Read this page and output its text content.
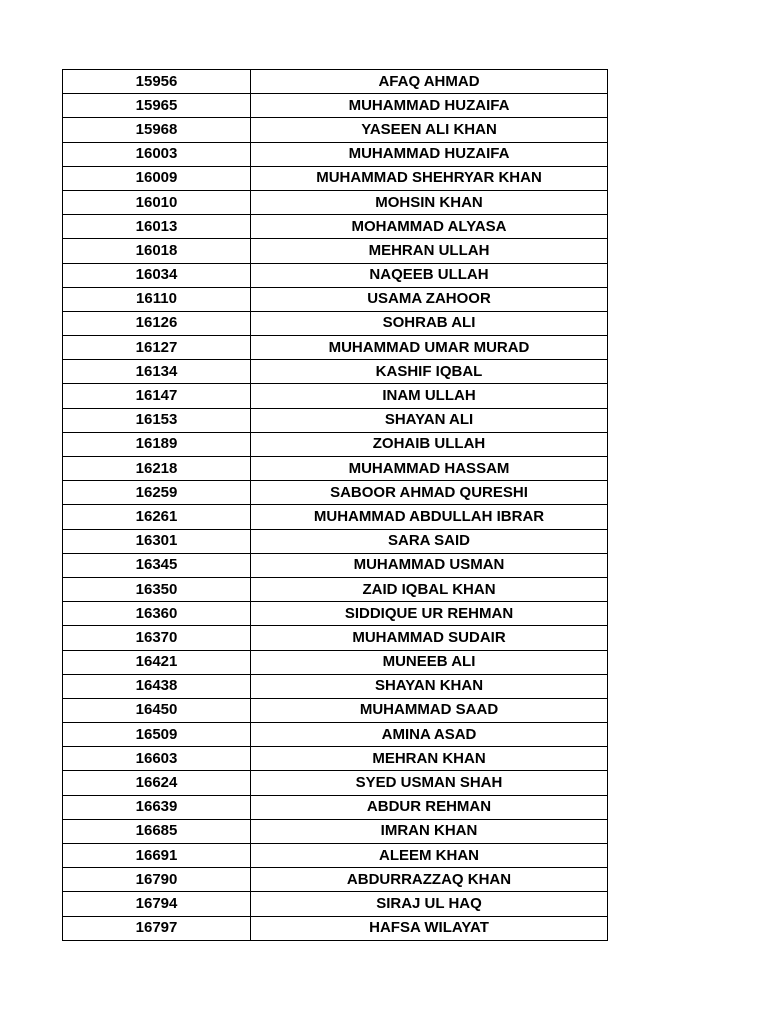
15956	AFAQ AHMAD
15965	MUHAMMAD HUZAIFA
15968	YASEEN ALI KHAN
16003	MUHAMMAD HUZAIFA
16009	MUHAMMAD SHEHRYAR KHAN
16010	MOHSIN KHAN
16013	MOHAMMAD ALYASA
16018	MEHRAN ULLAH
16034	NAQEEB ULLAH
16110	USAMA ZAHOOR
16126	SOHRAB ALI
16127	MUHAMMAD UMAR MURAD
16134	KASHIF IQBAL
16147	INAM ULLAH
16153	SHAYAN ALI
16189	ZOHAIB ULLAH
16218	MUHAMMAD HASSAM
16259	SABOOR AHMAD QURESHI
16261	MUHAMMAD ABDULLAH IBRAR
16301	SARA SAID
16345	MUHAMMAD USMAN
16350	ZAID IQBAL KHAN
16360	SIDDIQUE UR REHMAN
16370	MUHAMMAD SUDAIR
16421	MUNEEB ALI
16438	SHAYAN KHAN
16450	MUHAMMAD SAAD
16509	AMINA ASAD
16603	MEHRAN KHAN
16624	SYED USMAN SHAH
16639	ABDUR REHMAN
16685	IMRAN KHAN
16691	ALEEM KHAN
16790	ABDURRAZZAQ KHAN
16794	SIRAJ UL HAQ
16797	HAFSA WILAYAT
